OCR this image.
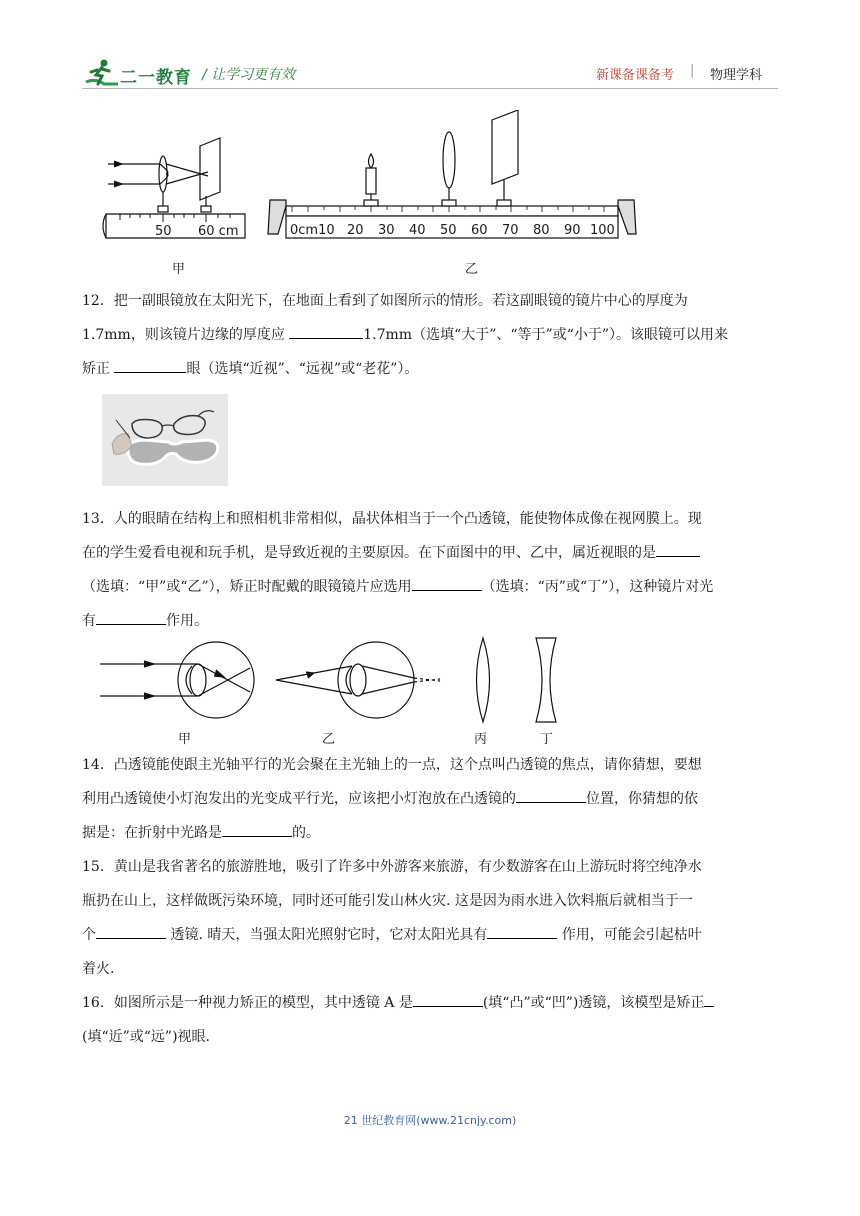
二一教育 / 让学习更有效	新课备课备考 | 物理学科
50 60 cm	0cm10 20 30 40 50 60 70 80 90 100
甲	乙
12．把一副眼镜放在太阳光下，在地面上看到了如图所示的情形。若这副眼镜的镜片中心的厚度为
1.7mm，则该镜片边缘的厚度应	1.7mm（选填“大于”、“等于”或“小于”）。该眼镜可以用来
矫正	眼（选填“近视”、“远视”或“老花”）。
13．人的眼睛在结构上和照相机非常相似，晶状体相当于一个凸透镜，能使物体成像在视网膜上。现
在的学生爱看电视和玩手机，是导致近视的主要原因。在下面图中的甲、乙中，属近视眼的是
（选填：“甲”或“乙”），矫正时配戴的眼镜镜片应选用	（选填：“丙”或“丁”），这种镜片对光
有	作用。
甲	乙	丙	丁
14．凸透镜能使跟主光轴平行的光会聚在主光轴上的一点，这个点叫凸透镜的焦点，请你猜想，要想
利用凸透镜使小灯泡发出的光变成平行光，应该把小灯泡放在凸透镜的	位置，你猜想的依
据是：在折射中光路是	的。
15．黄山是我省著名的旅游胜地，吸引了许多中外游客来旅游，有少数游客在山上游玩时将空纯净水
瓶扔在山上，这样做既污染环境，同时还可能引发山林火灾. 这是因为雨水进入饮料瓶后就相当于一
个	透镜. 晴天，当强太阳光照射它时，它对太阳光具有	作用，可能会引起枯叶
着火.
16．如图所示是一种视力矫正的模型，其中透镜 A 是	(填“凸”或“凹”)透镜，该模型是矫正
(填“近”或“远”)视眼.
21 世纪教育网(www.21cnjy.com)
